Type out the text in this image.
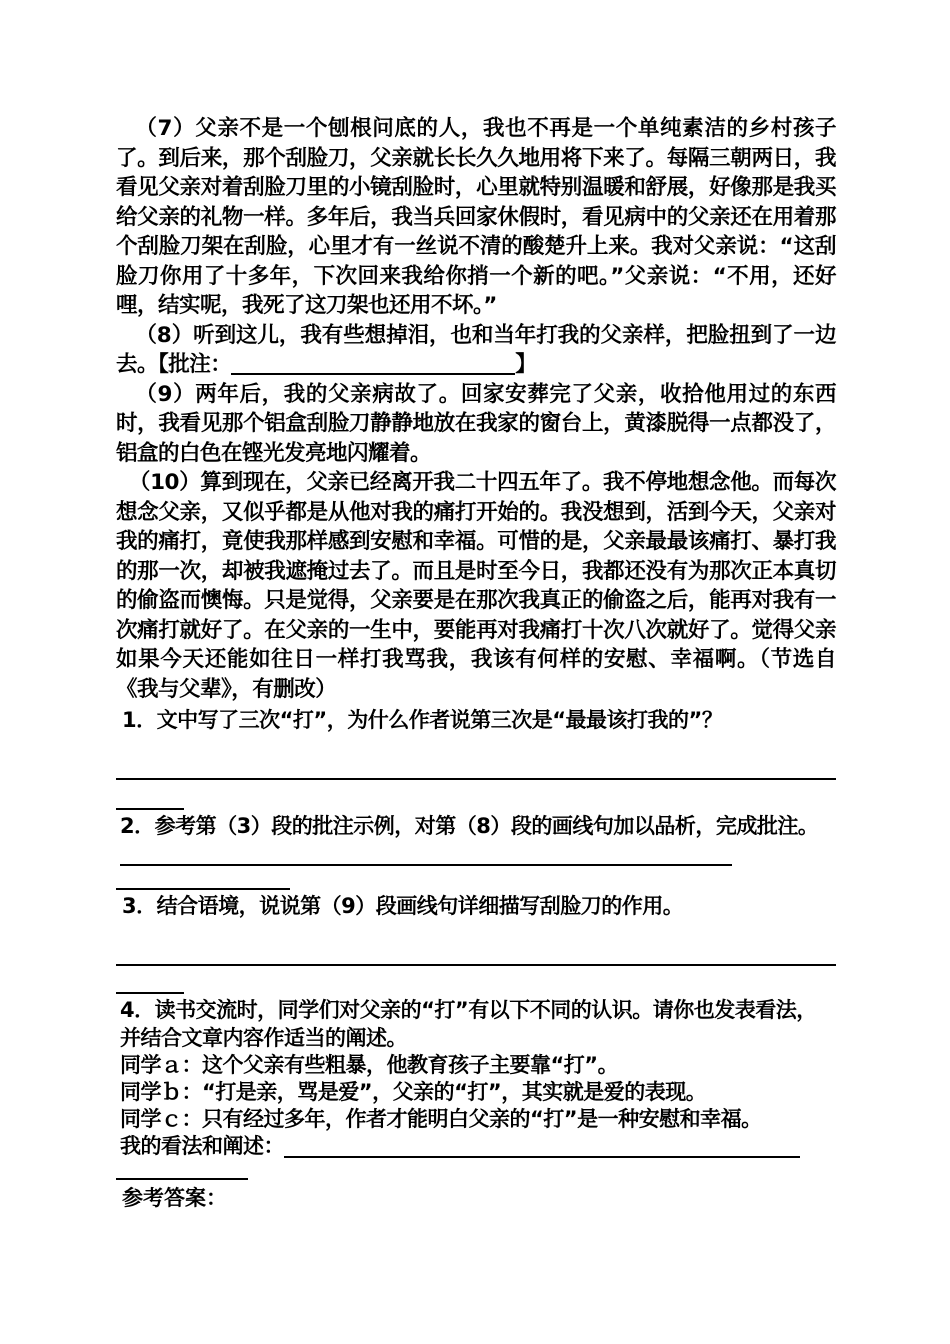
（7）父亲不是一个刨根问底的人，我也不再是一个单纯素洁的乡村孩子了。到后来，那个刮脸刀，父亲就长长久久地用将下来了。每隔三朝两日，我看见父亲对着刮脸刀里的小镜刮脸时，心里就特别温暖和舒展，好像那是我买给父亲的礼物一样。多年后，我当兵回家休假时，看见病中的父亲还在用着那个刮脸刀架在刮脸，心里才有一丝说不清的酸楚升上来。我对父亲说：“这刮脸刀你用了十多年，下次回来我给你捎一个新的吧。”父亲说：“不用，还好哩，结实呢，我死了这刀架也还用不坏。”

（8）听到这儿，我有些想掉泪，也和当年打我的父亲样，把脸扭到了一边去。【批注：	】

（9）两年后，我的父亲病故了。回家安葬完了父亲，收拾他用过的东西时，我看见那个铝盒刮脸刀静静地放在我家的窗台上，黄漆脱得一点都没了，铝盒的白色在铿光发亮地闪耀着。

（10）算到现在，父亲已经离开我二十四五年了。我不停地想念他。而每次想念父亲，又似乎都是从他对我的痛打开始的。我没想到，活到今天，父亲对我的痛打，竟使我那样感到安慰和幸福。可惜的是，父亲最最该痛打、暴打我的那一次，却被我遮掩过去了。而且是时至今日，我都还没有为那次正本真切的偷盗而懊悔。只是觉得，父亲要是在那次我真正的偷盗之后，能再对我有一次痛打就好了。在父亲的一生中，要能再对我痛打十次八次就好了。觉得父亲如果今天还能如往日一样打我骂我，我该有何样的安慰、幸福啊。（节选自《我与父辈》，有删改）

1．文中写了三次“打”，为什么作者说第三次是“最最该打我的”？

2．参考第（3）段的批注示例，对第（8）段的画线句加以品析，完成批注。

3．结合语境，说说第（9）段画线句详细描写刮脸刀的作用。

4．读书交流时，同学们对父亲的“打”有以下不同的认识。请你也发表看法，并结合文章内容作适当的阐述。

同学ａ：这个父亲有些粗暴，他教育孩子主要靠“打”。

同学ｂ：“打是亲，骂是爱”，父亲的“打”，其实就是爱的表现。

同学ｃ：只有经过多年，作者才能明白父亲的“打”是一种安慰和幸福。

我的看法和阐述：

参考答案：
